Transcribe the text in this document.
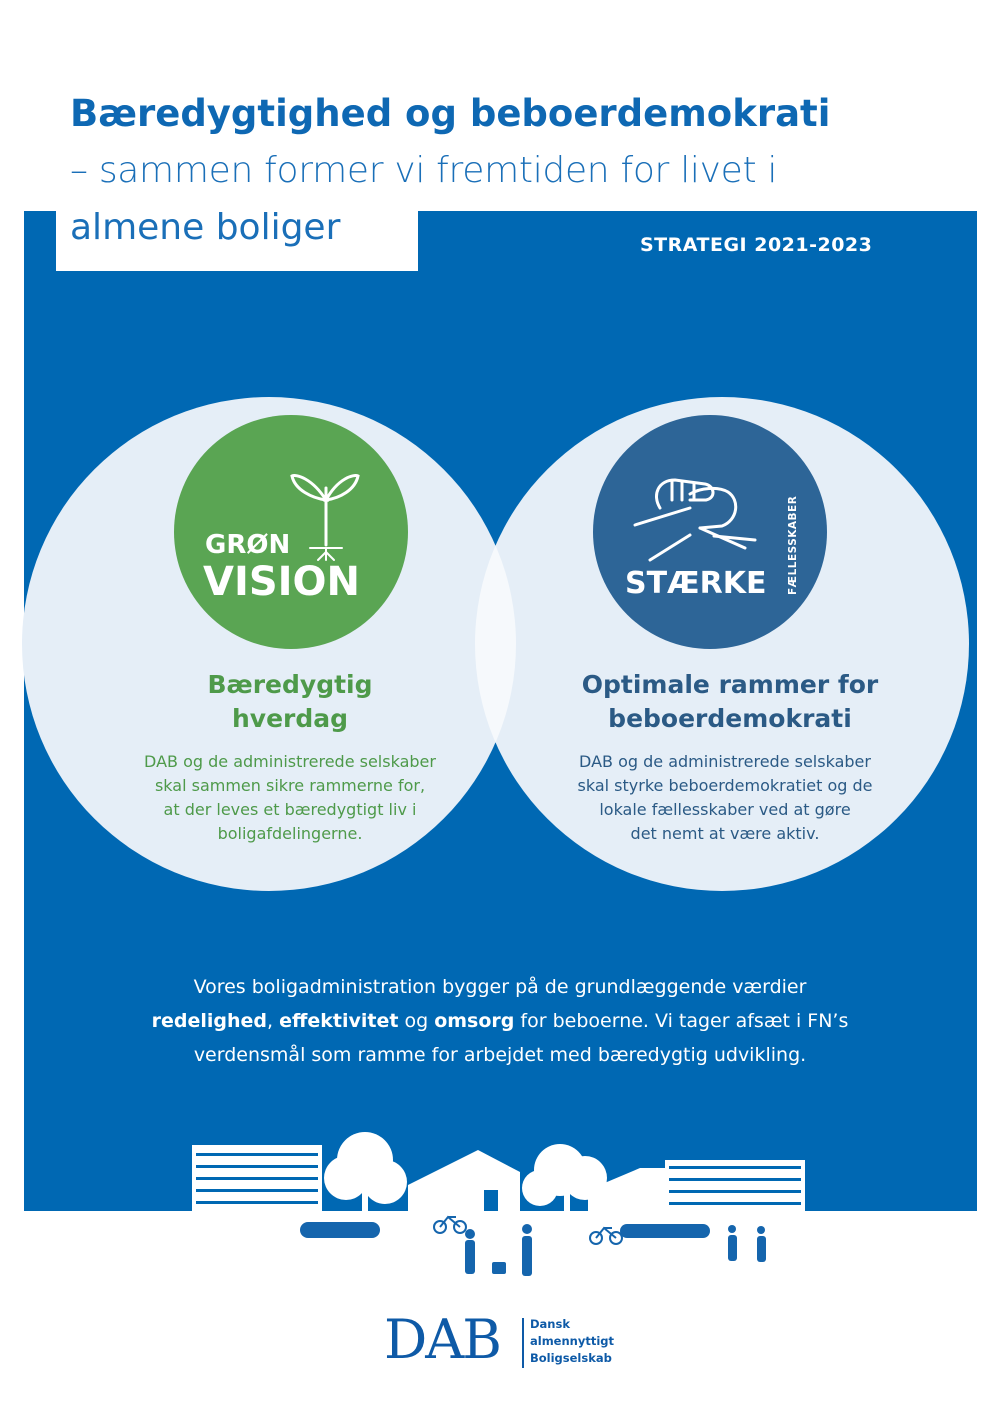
Bæredygtighed og beboerdemokrati

– sammen former vi fremtiden for livet i

almene boliger	STRATEGI 2021-2023

GRØN
VISION	STÆRKE FÆLLESSKABER
Bæredygtig
hverdag
DAB og de administrerede selskaber
skal sammen sikre rammerne for,
at der leves et bæredygtigt liv i
boligafdelingerne.
Optimale rammer for
beboerdemokrati
DAB og de administrerede selskaber
skal styrke beboerdemokratiet og de
lokale fællesskaber ved at gøre
det nemt at være aktiv.

Vores boligadministration bygger på de grundlæggende værdier
redelighed, effektivitet og omsorg for beboerne. Vi tager afsæt i FN’s
verdensmål som ramme for arbejdet med bæredygtig udvikling.

DAB	Dansk
almennyttigt
Boligselskab
